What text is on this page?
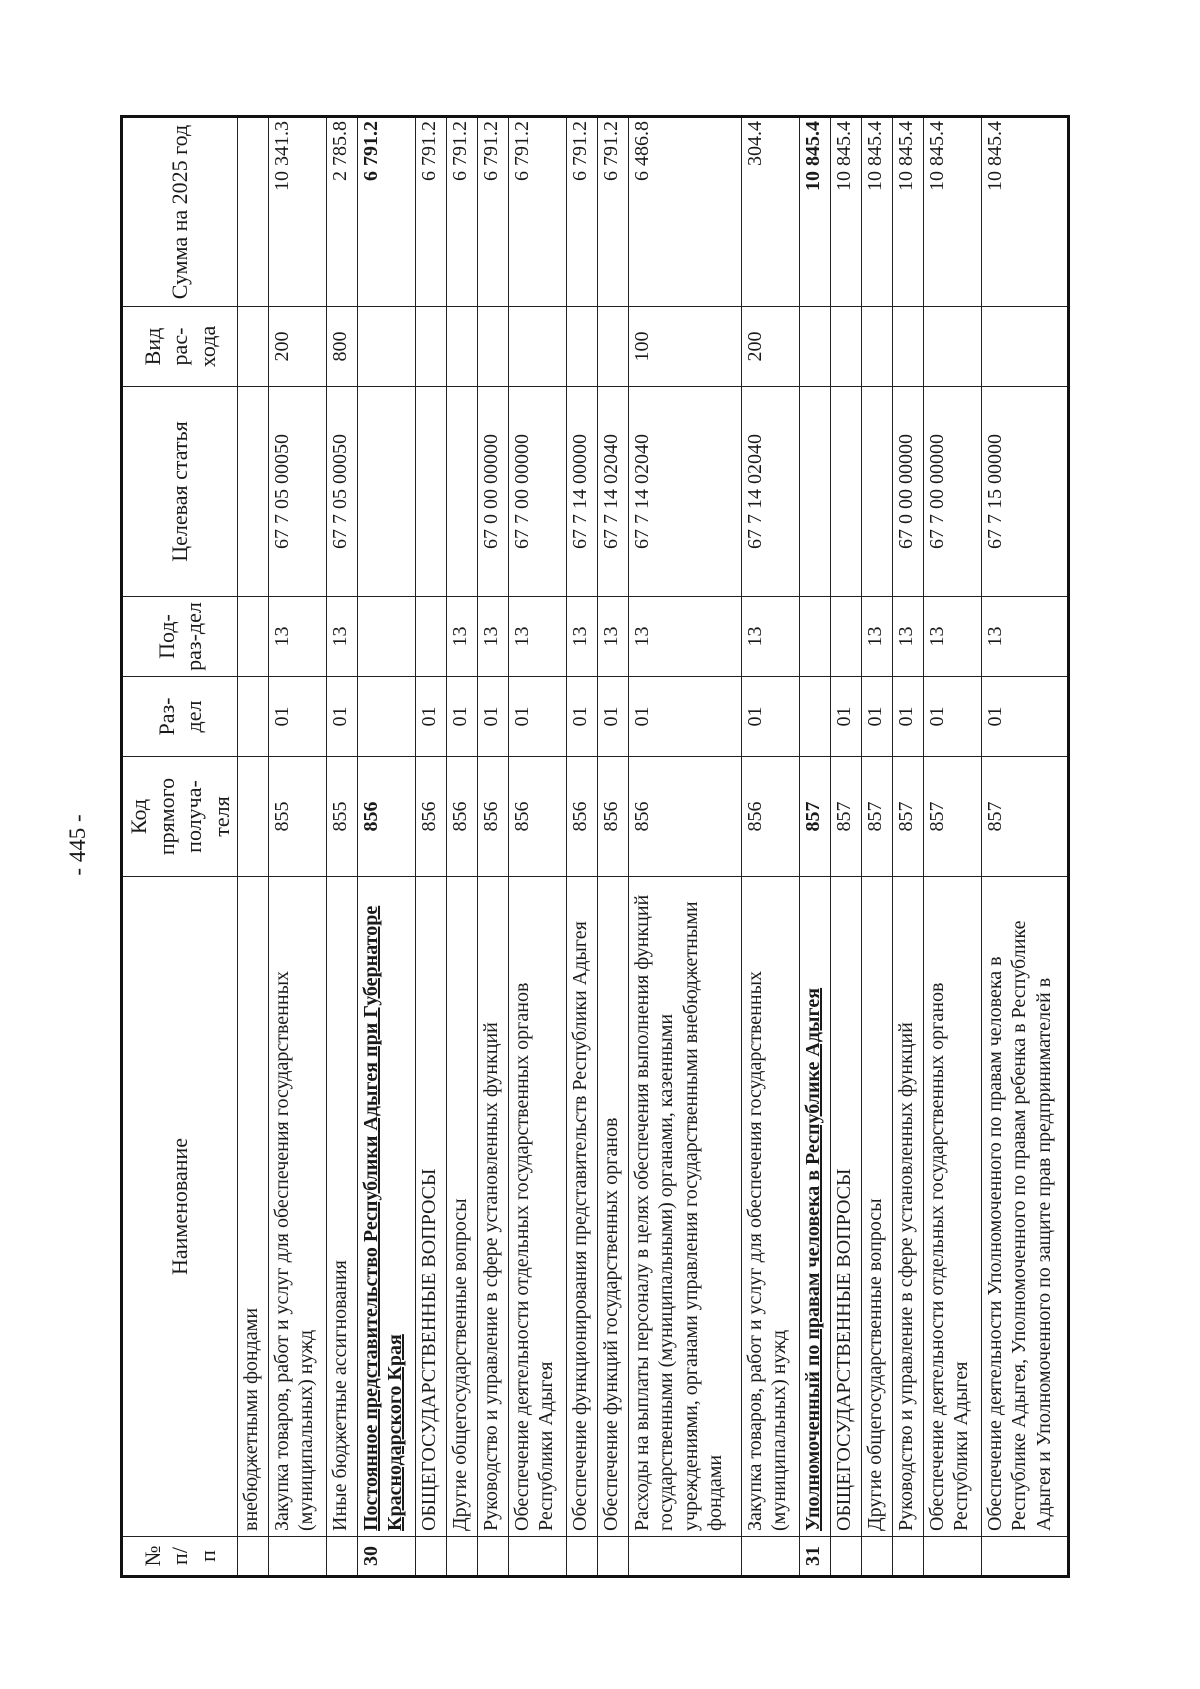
- 445 -
№ п/п	Наименование	Код прямого получа-теля	Раз-дел	Под-раз-дел	Целевая статья	Вид рас-хода	Сумма на 2025 год
	внебюджетными фондами						
	Закупка товаров, работ и услуг для обеспечения государственных (муниципальных) нужд	855	01	13	67 7 05 00050	200	10 341.3
	Иные бюджетные ассигнования	855	01	13	67 7 05 00050	800	2 785.8
30	Постоянное представительство Республики Адыгея при Губернаторе Краснодарского Края	856					6 791.2
	ОБЩЕГОСУДАРСТВЕННЫЕ ВОПРОСЫ	856	01				6 791.2
	Другие общегосударственные вопросы	856	01	13			6 791.2
	Руководство и управление в сфере установленных функций	856	01	13	67 0 00 00000		6 791.2
	Обеспечение деятельности отдельных государственных органов Республики Адыгея	856	01	13	67 7 00 00000		6 791.2
	Обеспечение функционирования представительств Республики Адыгея	856	01	13	67 7 14 00000		6 791.2
	Обеспечение функций государственных органов	856	01	13	67 7 14 02040		6 791.2
	Расходы на выплаты персоналу в целях обеспечения выполнения функций государственными (муниципальными) органами, казенными учреждениями, органами управления государственными внебюджетными фондами	856	01	13	67 7 14 02040	100	6 486.8
	Закупка товаров, работ и услуг для обеспечения государственных (муниципальных) нужд	856	01	13	67 7 14 02040	200	304.4
31	Уполномоченный по правам человека в Республике Адыгея	857					10 845.4
	ОБЩЕГОСУДАРСТВЕННЫЕ ВОПРОСЫ	857	01				10 845.4
	Другие общегосударственные вопросы	857	01	13			10 845.4
	Руководство и управление в сфере установленных функций	857	01	13	67 0 00 00000		10 845.4
	Обеспечение деятельности отдельных государственных органов Республики Адыгея	857	01	13	67 7 00 00000		10 845.4
	Обеспечение деятельности Уполномоченного по правам человека в Республике Адыгея, Уполномоченного по правам ребенка в Республике Адыгея и Уполномоченного по защите прав предпринимателей в	857	01	13	67 7 15 00000		10 845.4
